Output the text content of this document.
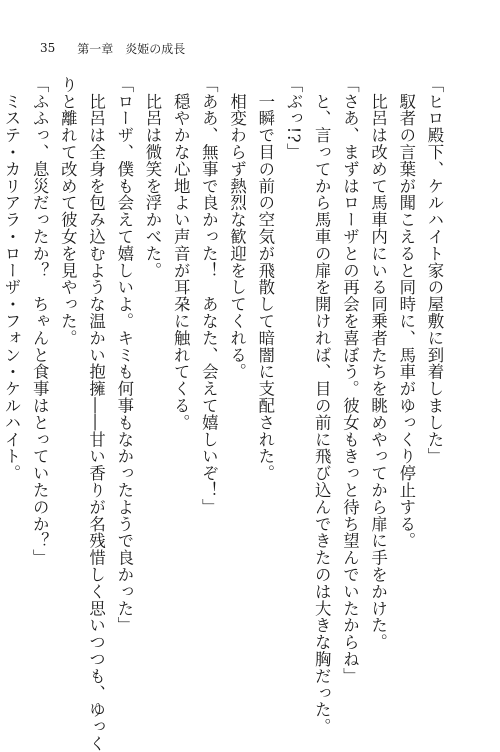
35 第一章 炎姫の成長
「ヒロ殿下、ケルハイト家の屋敷に到着しました」
　馭者の言葉が聞こえると同時に、馬車がゆっくり停止する。
　比呂は改めて馬車内にいる同乗者たちを眺めやってから扉に手をかけた。
「さあ、まずはローザとの再会を喜ぼう。彼女もきっと待ち望んでいたからね」
　と、言ってから馬車の扉を開ければ、目の前に飛び込んできたのは大きな胸だった。
「ぶっ!?」
　一瞬で目の前の空気が飛散して暗闇に支配された。
　相変わらず熱烈な歓迎をしてくれる。
「ああ、無事で良かった！　あなた、会えて嬉しいぞ！」
　穏やかな心地よい声音が耳朶に触れてくる。
　比呂は微笑を浮かべた。
「ローザ、僕も会えて嬉しいよ。キミも何事もなかったようで良かった」
　比呂は全身を包み込むような温かい抱擁――甘い香りが名残惜しく思いつつも、ゆっく
りと離れて改めて彼女を見やった。
「ふふっ、息災だったか？　ちゃんと食事はとっていたのか？」
　ミステ・カリアラ・ローザ・フォン・ケルハイト。
